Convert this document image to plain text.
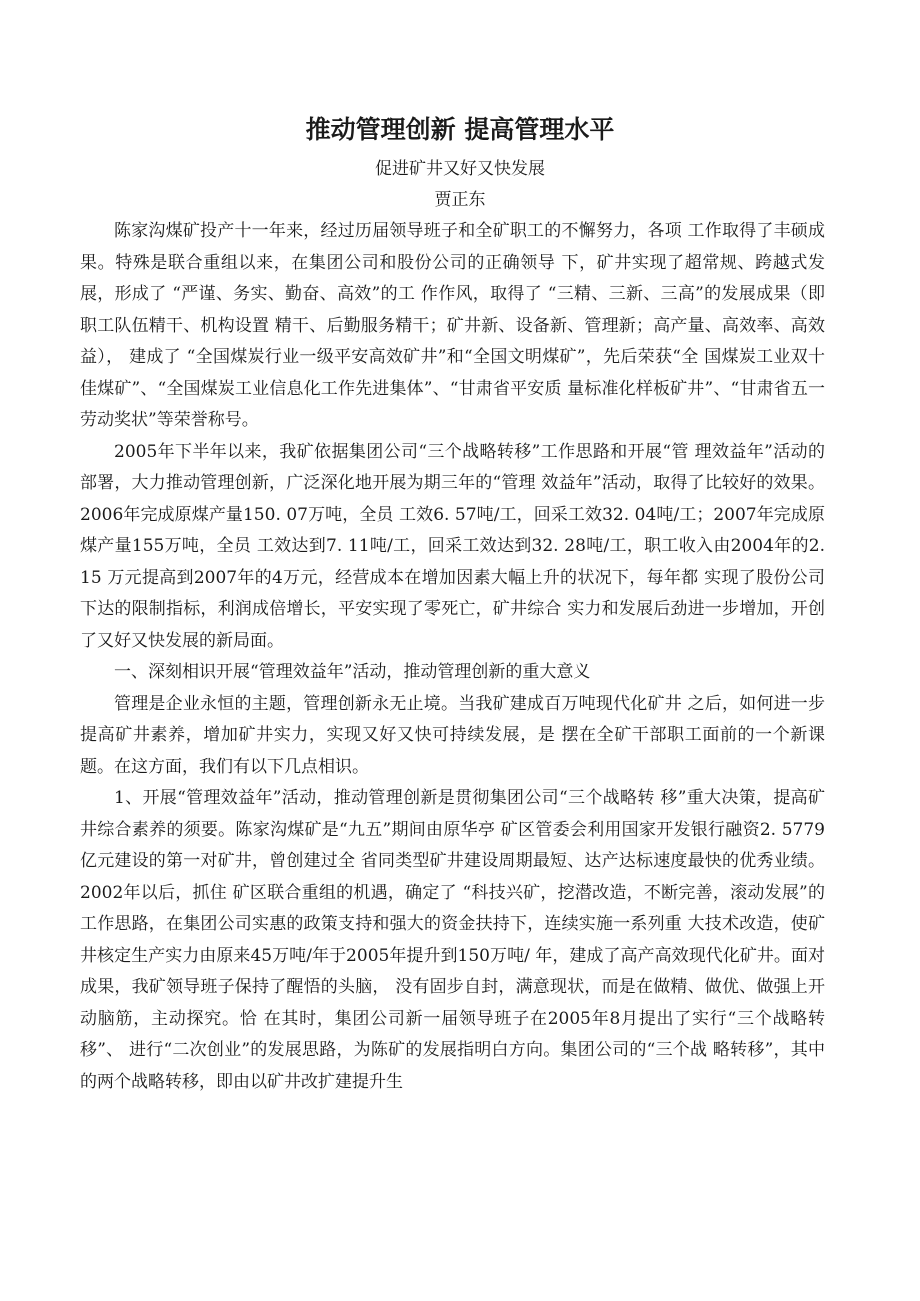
推动管理创新 提高管理水平
促进矿井又好又快发展
贾正东

陈家沟煤矿投产十一年来，经过历届领导班子和全矿职工的不懈努力，各项 工作取得了丰硕成果。特殊是联合重组以来，在集团公司和股份公司的正确领导 下，矿井实现了超常规、跨越式发展，形成了 “严谨、务实、勤奋、高效”的工 作作风，取得了 “三精、三新、三高”的发展成果（即职工队伍精干、机构设置 精干、后勤服务精干；矿井新、设备新、管理新；高产量、高效率、高效益）， 建成了 “全国煤炭行业一级平安高效矿井”和“全国文明煤矿”，先后荣获“全 国煤炭工业双十佳煤矿”、“全国煤炭工业信息化工作先进集体”、“甘肃省平安质 量标准化样板矿井”、“甘肃省五一劳动奖状”等荣誉称号。

2005年下半年以来，我矿依据集团公司“三个战略转移”工作思路和开展“管 理效益年”活动的部署，大力推动管理创新，广泛深化地开展为期三年的“管理 效益年”活动，取得了比较好的效果。2006年完成原煤产量150. 07万吨，全员 工效6. 57吨/工，回采工效32. 04吨/工；2007年完成原煤产量155万吨，全员 工效达到7. 11吨/工，回采工效达到32. 28吨/工，职工收入由2004年的2. 15 万元提高到2007年的4万元，经营成本在增加因素大幅上升的状况下，每年都 实现了股份公司下达的限制指标，利润成倍增长，平安实现了零死亡，矿井综合 实力和发展后劲进一步增加，开创了又好又快发展的新局面。

一、深刻相识开展“管理效益年”活动，推动管理创新的重大意义

管理是企业永恒的主题，管理创新永无止境。当我矿建成百万吨现代化矿井 之后，如何进一步提高矿井素养，增加矿井实力，实现又好又快可持续发展，是 摆在全矿干部职工面前的一个新课题。在这方面，我们有以下几点相识。

1、开展“管理效益年”活动，推动管理创新是贯彻集团公司“三个战略转 移”重大决策，提高矿井综合素养的须要。陈家沟煤矿是“九五”期间由原华亭 矿区管委会利用国家开发银行融资2. 5779亿元建设的第一对矿井，曾创建过全 省同类型矿井建设周期最短、达产达标速度最快的优秀业绩。2002年以后，抓住 矿区联合重组的机遇，确定了 “科技兴矿，挖潜改造，不断完善，滚动发展”的 工作思路，在集团公司实惠的政策支持和强大的资金扶持下，连续实施一系列重 大技术改造，使矿井核定生产实力由原来45万吨/年于2005年提升到150万吨/ 年，建成了高产高效现代化矿井。面对成果，我矿领导班子保持了醒悟的头脑， 没有固步自封，满意现状，而是在做精、做优、做强上开动脑筋，主动探究。恰 在其时，集团公司新一届领导班子在2005年8月提出了实行“三个战略转移”、 进行“二次创业”的发展思路，为陈矿的发展指明白方向。集团公司的“三个战 略转移”，其中的两个战略转移，即由以矿井改扩建提升生
